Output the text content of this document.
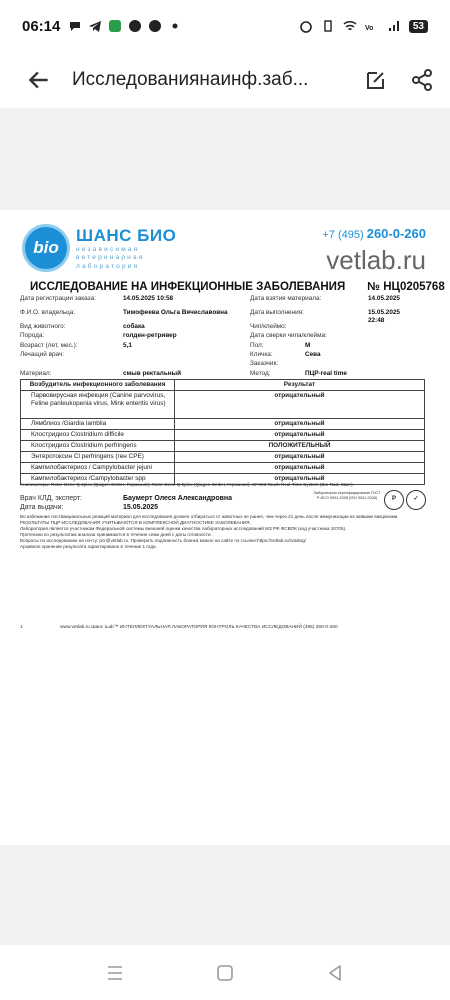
06:14	Vo	53
Исследованиянаинф.заб...
bio
ШАНС БИО
независимая
ветеринарная
лаборатория
+7 (495) 260-0-260
vetlab.ru
ИССЛЕДОВАНИЕ НА ИНФЕКЦИОННЫЕ ЗАБОЛЕВАНИЯ № НЦ0205768
Дата регистрации заказа:	14.05.2025 10:58
Ф.И.О. владельца:	Тимофеева Ольга Вячеславовна
Вид животного:	собака
Порода:	голден-ретривер
Возраст (лет, мес.):	5,1
Лечащий врач:
Материал:	смыв ректальный
Дата взятия материала:	14.05.2025
Дата выполнения:	15.05.2025 22:48
Чип/клеймо:
Дата сверки чипа/клейма:
Пол:	М
Кличка:	Сева
Заказчик:
Метод:	ПЦР-real time
Возбудитель инфекционного заболевания	Результат
Парвовирусная инфекция (Canine parvovirus, Feline panleukopenia virus, Mink enteritis virus)	отрицательный
Лямблиоз /Giardia lamblia	отрицательный
Клостридиоз Clostridium difficile	отрицательный
Клостридиоз Clostridium perfringens	ПОЛОЖИТЕЛЬНЫЙ
Энтеротоксин Cl perfringens (ген CPE)	отрицательный
Кампилобактериоз / Campylobacter jejuni	отрицательный
Кампилобактериоз /Campylobacter spp	отрицательный
Анализаторы: Rotor-Gene Q 2plex (Qiagen GmbH, Германия); Rotor-Gene Q 5plex (Qiagen GmbH, Германия); CFX96 Touch Real-Time System (Bio-Rad, США)
Лаборатория сертифицирована ГОСТ Р ИСО 9001-2008 (ISO 9001:2008)	Р	✓
Врач КЛД, эксперт:	Баумерт Олеся Александровна
Дата выдачи:	15.05.2025
Во избежание поствакцинальных реакций материал для исследования должен отбираться от животных не ранее, чем через 21 день после иммунизации их живыми вакцинами.
РЕЗУЛЬТАТЫ ПЦР-ИССЛЕДОВАНИЯ УЧИТЫВАЮТСЯ В КОМПЛЕКСНОЙ ДИАГНОСТИКЕ ЗАБОЛЕВАНИЯ.
Лаборатория является участником Федеральной системы внешней оценки качества лабораторных исследований МЗ РФ ФСВОК (код участника 10705).
Претензии по результатам анализа принимаются в течение семи дней с даты готовности.
Вопросы по исследованию на почту: pcr@vetlab.ru. Проверить подлинность бланка можно на сайте по ссылке:https://vetlab.ru/catalog/
Архивное хранение результата гарантировано в течение 1 года.
1	www.vetlab.ru Шанс iLab™ ИНТЕЛЛЕКТУАЛЬНАЯ ЛАБОРАТОРИЯ КОНТРОЛЬ КАЧЕСТВА ИССЛЕДОВАНИЙ (495) 260-0-260
